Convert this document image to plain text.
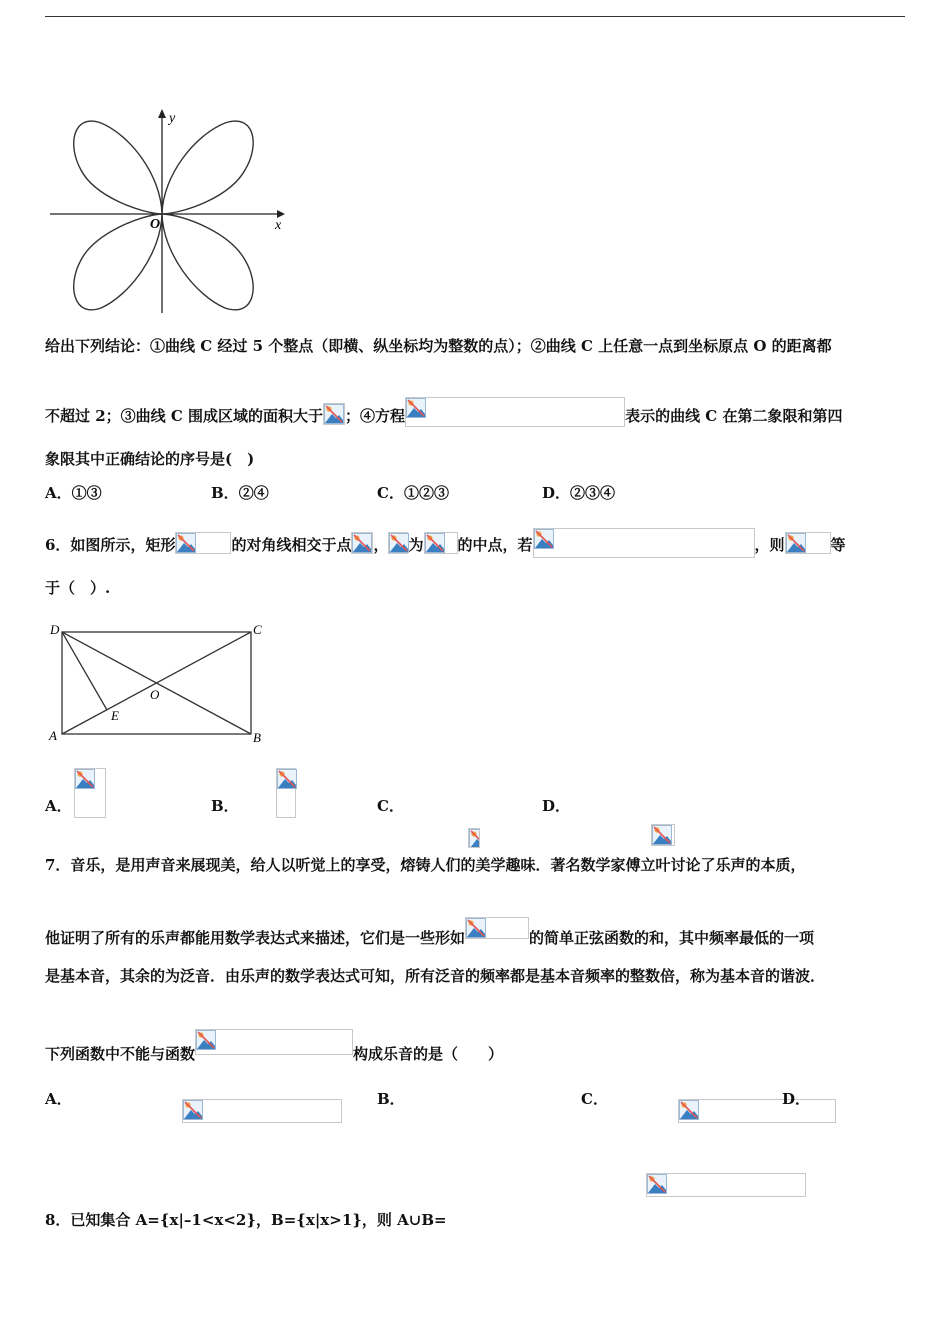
y
x
O
给出下列结论：①曲线 C 经过 5 个整点（即横、纵坐标均为整数的点）；②曲线 C 上任意一点到坐标原点 O 的距离都
不超过 2；③曲线 C 围成区域的面积大于 ；④方程	表示的曲线 C 在第二象限和第四
象限其中正确结论的序号是(　)
A．①③	B．②④	C．①②③	D．②③④
6．如图所示，矩形	的对角线相交于点 ， 为 的中点，若	，则	等
于（　）.
D	C
A	B
O
E
A．
	B．
	C．
	D．

7．音乐，是用声音来展现美，给人以听觉上的享受，熔铸人们的美学趣味．著名数学家傅立叶讨论了乐声的本质，
他证明了所有的乐声都能用数学表达式来描述，它们是一些形如	的简单正弦函数的和，其中频率最低的一项
是基本音，其余的为泛音．由乐声的数学表达式可知，所有泛音的频率都是基本音频率的整数倍，称为基本音的谐波．
下列函数中不能与函数	构成乐音的是（　　）
A．
	B．
	C．
	D．
8．已知集合 A={x|–1<x<2}，B={x|x>1}，则 A∪B=
